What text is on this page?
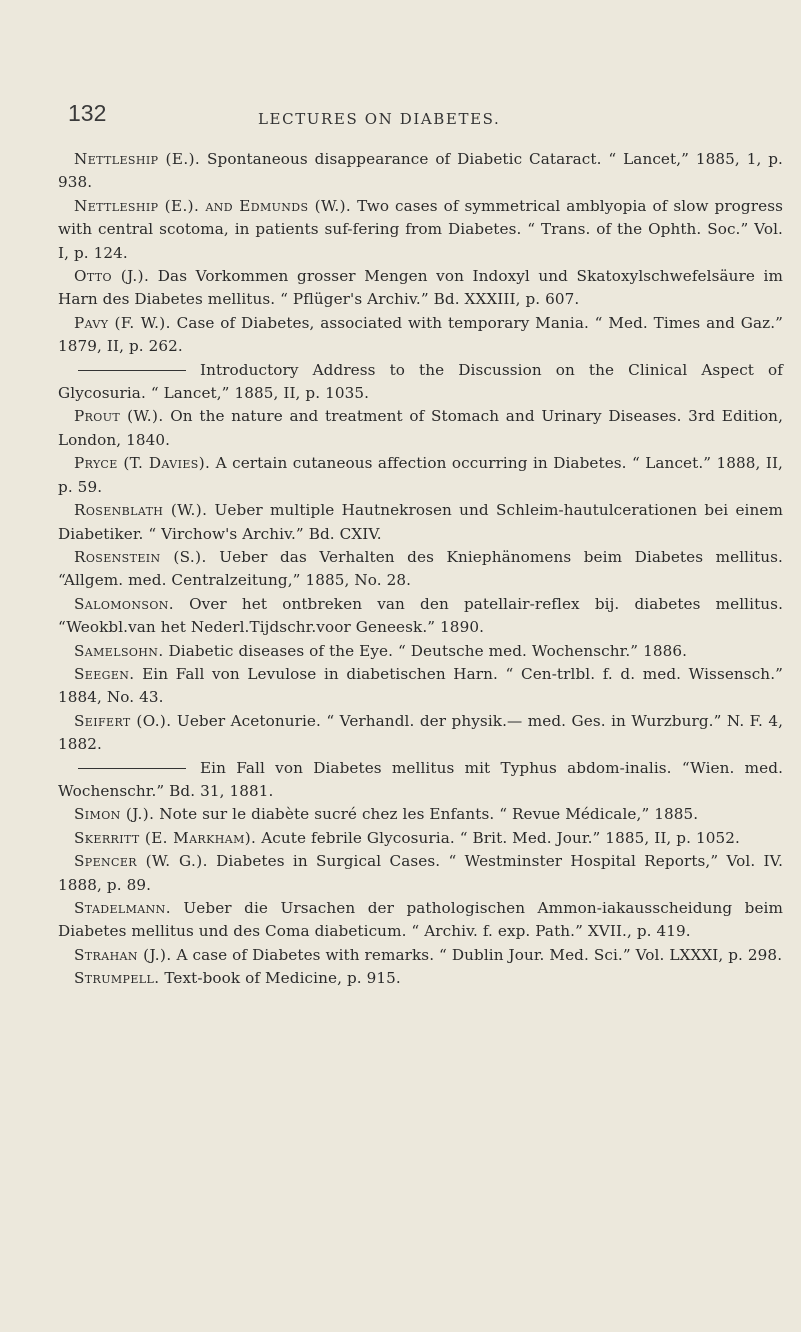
132	LECTURES ON DIABETES.

Nettleship (E.). Spontaneous disappearance of Diabetic Cataract. “ Lancet,” 1885, 1, p. 938.

Nettleship (E.). and Edmunds (W.). Two cases of symmetrical amblyopia of slow progress with central scotoma, in patients suf-fering from Diabetes. “ Trans. of the Ophth. Soc.” Vol. I, p. 124.

Otto (J.). Das Vorkommen grosser Mengen von Indoxyl und Skatoxylschwefelsäure im Harn des Diabetes mellitus. “ Pflüger's Archiv.” Bd. XXXIII, p. 607.

Pavy (F. W.). Case of Diabetes, associated with temporary Mania. “ Med. Times and Gaz.” 1879, II, p. 262.

Introductory Address to the Discussion on the Clinical Aspect of Glycosuria. “ Lancet,” 1885, II, p. 1035.

Prout (W.). On the nature and treatment of Stomach and Urinary Diseases. 3rd Edition, London, 1840.

Pryce (T. Davies). A certain cutaneous affection occurring in Diabetes. “ Lancet.” 1888, II, p. 59.

Rosenblath (W.). Ueber multiple Hautnekrosen und Schleim-hautulcerationen bei einem Diabetiker. “ Virchow's Archiv.” Bd. CXIV.

Rosenstein (S.). Ueber das Verhalten des Kniephänomens beim Diabetes mellitus. “Allgem. med. Centralzeitung,” 1885, No. 28.

Salomonson. Over het ontbreken van den patellair-reflex bij. diabetes mellitus. “Weokbl.van het Nederl.Tijdschr.voor Geneesk.” 1890.

Samelsohn. Diabetic diseases of the Eye. “ Deutsche med. Wochenschr.” 1886.

Seegen. Ein Fall von Levulose in diabetischen Harn. “ Cen-trlbl. f. d. med. Wissensch.” 1884, No. 43.

Seifert (O.). Ueber Acetonurie. “ Verhandl. der physik.— med. Ges. in Wurzburg.” N. F. 4, 1882.

Ein Fall von Diabetes mellitus mit Typhus abdom-inalis. “Wien. med. Wochenschr.” Bd. 31, 1881.

Simon (J.). Note sur le diabète sucré chez les Enfants. “ Revue Médicale,” 1885.

Skerritt (E. Markham). Acute febrile Glycosuria. “ Brit. Med. Jour.” 1885, II, p. 1052.

Spencer (W. G.). Diabetes in Surgical Cases. “ Westminster Hospital Reports,” Vol. IV. 1888, p. 89.

Stadelmann. Ueber die Ursachen der pathologischen Ammon-iakausscheidung beim Diabetes mellitus und des Coma diabeticum. “ Archiv. f. exp. Path.” XVII., p. 419.

Strahan (J.). A case of Diabetes with remarks. “ Dublin Jour. Med. Sci.” Vol. LXXXI, p. 298.

Strumpell. Text-book of Medicine, p. 915.
